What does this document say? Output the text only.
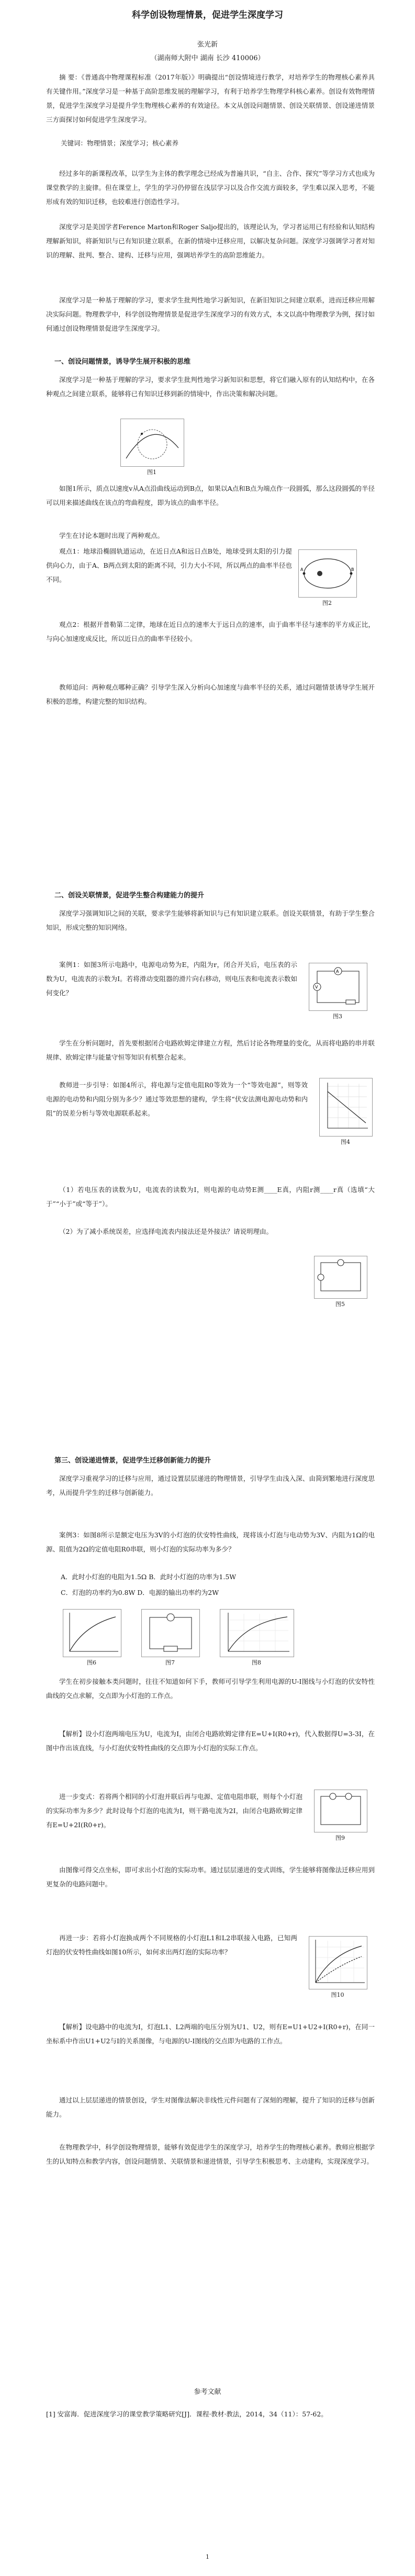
科学创设物理情景，促进学生深度学习
张光新
（湖南师大附中 湖南 长沙 410006）

摘 要：《普通高中物理课程标准（2017年版）》明确提出“创设情境进行教学，对培养学生的物理核心素养具有关键作用。”深度学习是一种基于高阶思维发展的理解学习，有利于培养学生物理学科核心素养。创设有效物理情景，促进学生深度学习是提升学生物理核心素养的有效途径。本文从创设问题情景、创设关联情景、创设递进情景三方面探讨如何促进学生深度学习。

关键词：物理情景；深度学习；核心素养

经过多年的新课程改革，以学生为主体的教学理念已经成为普遍共识，“自主、合作、探究”等学习方式也成为课堂教学的主旋律。但在课堂上，学生的学习仍停留在浅层学习以及合作交流方面较多，学生难以深入思考，不能形成有效的知识迁移，也较难进行创造性学习。

深度学习是美国学者Ference Marton和Roger Saljo提出的，该理论认为，学习者运用已有经验和认知结构理解新知识，将新知识与已有知识建立联系，在新的情境中迁移应用，以解决复杂问题。深度学习强调学习者对知识的理解、批判、整合、建构、迁移与应用，强调培养学生的高阶思维能力。

深度学习是一种基于理解的学习，要求学生批判性地学习新知识，在新旧知识之间建立联系，进而迁移应用解决实际问题。物理教学中，科学创设物理情景是促进学生深度学习的有效方式，本文以高中物理教学为例，探讨如何通过创设物理情景促进学生深度学习。

一、创设问题情景，诱导学生展开积极的思维

深度学习是一种基于理解的学习，要求学生批判性地学习新知识和思想，将它们融入原有的认知结构中，在各种观点之间建立联系，能够将已有知识迁移到新的情境中，作出决策和解决问题。

图1

如图1所示，质点以速度v从A点沿曲线运动到B点，如果以A点和B点为端点作一段圆弧，那么这段圆弧的半径可以用来描述曲线在该点的弯曲程度，即为该点的曲率半径。

学生在讨论本题时出现了两种观点。

A	B
图2

观点1：地球沿椭圆轨道运动，在近日点A和远日点B处，地球受到太阳的引力提供向心力，由于A、B两点到太阳的距离不同，引力大小不同，所以两点的曲率半径也不同。

观点2：根据开普勒第二定律，地球在近日点的速率大于远日点的速率，由于曲率半径与速率的平方成正比，与向心加速度成反比，所以近日点的曲率半径较小。

教师追问：两种观点哪种正确？引导学生深入分析向心加速度与曲率半径的关系，通过问题情景诱导学生展开积极的思维，构建完整的知识结构。

二、创设关联情景，促进学生整合构建能力的提升

深度学习强调知识之间的关联，要求学生能够将新知识与已有知识建立联系。创设关联情景，有助于学生整合知识，形成完整的知识网络。

A
V
图3

案例1：如图3所示电路中，电源电动势为E，内阻为r，闭合开关后，电压表的示数为U，电流表的示数为I。若将滑动变阻器的滑片向右移动，则电压表和电流表示数如何变化？

学生在分析问题时，首先要根据闭合电路欧姆定律建立方程，然后讨论各物理量的变化，从而将电路的串并联规律、欧姆定律与能量守恒等知识有机整合起来。

图4

教师进一步引导：如图4所示，将电源与定值电阻R0等效为一个“等效电源”，则等效电源的电动势和内阻分别为多少？通过等效思想的建构，学生将“伏安法测电源电动势和内阻”的误差分析与等效电源联系起来。

（1）若电压表的读数为U，电流表的读数为I，则电源的电动势E测____E真，内阻r测____r真（选填“大于”“小于”或“等于”）。

（2）为了减小系统误差，应选择电流表内接法还是外接法？请说明理由。

图5
第三、创设递进情景，促进学生迁移创新能力的提升

深度学习重视学习的迁移与应用，通过设置层层递进的物理情景，引导学生由浅入深、由简到繁地进行深度思考，从而提升学生的迁移与创新能力。

案例3：如图8所示是额定电压为3V的小灯泡的伏安特性曲线，现将该小灯泡与电动势为3V、内阻为1Ω的电源、阻值为2Ω的定值电阻R0串联，则小灯泡的实际功率为多少？

A．此时小灯泡的电阻为1.5Ω B．此时小灯泡的功率为1.5W

C．灯泡的功率约为0.8W D．电源的输出功率约为2W

图6	图7	图8

学生在初步接触本类问题时，往往不知道如何下手，教师可引导学生利用电源的U-I图线与小灯泡的伏安特性曲线的交点求解，交点即为小灯泡的工作点。

【解析】设小灯泡两端电压为U，电流为I，由闭合电路欧姆定律有E=U+I(R0+r)，代入数据得U=3-3I，在图中作出该直线，与小灯泡伏安特性曲线的交点即为小灯泡的实际工作点。

图9

进一步变式：若将两个相同的小灯泡并联后再与电源、定值电阻串联，则每个小灯泡的实际功率为多少？此时设每个灯泡的电流为I，则干路电流为2I，由闭合电路欧姆定律有E=U+2I(R0+r)。

由图像可得交点坐标，即可求出小灯泡的实际功率。通过层层递进的变式训练，学生能够将图像法迁移应用到更复杂的电路问题中。

图10

再进一步：若将小灯泡换成两个不同规格的小灯泡L1和L2串联接入电路，已知两灯泡的伏安特性曲线如图10所示，如何求出两灯泡的实际功率？

【解析】设电路中的电流为I，灯泡L1、L2两端的电压分别为U1、U2，则有E=U1+U2+I(R0+r)，在同一坐标系中作出U1+U2与I的关系图像，与电源的U-I图线的交点即为电路的工作点。

通过以上层层递进的情景创设，学生对图像法解决非线性元件问题有了深刻的理解，提升了知识的迁移与创新能力。

在物理教学中，科学创设物理情景，能够有效促进学生的深度学习，培养学生的物理核心素养。教师应根据学生的认知特点和教学内容，创设问题情景、关联情景和递进情景，引导学生积极思考、主动建构，实现深度学习。

参考文献

[1] 安富海．促进深度学习的课堂教学策略研究[J]．课程·教材·教法，2014，34（11）：57-62。

1
